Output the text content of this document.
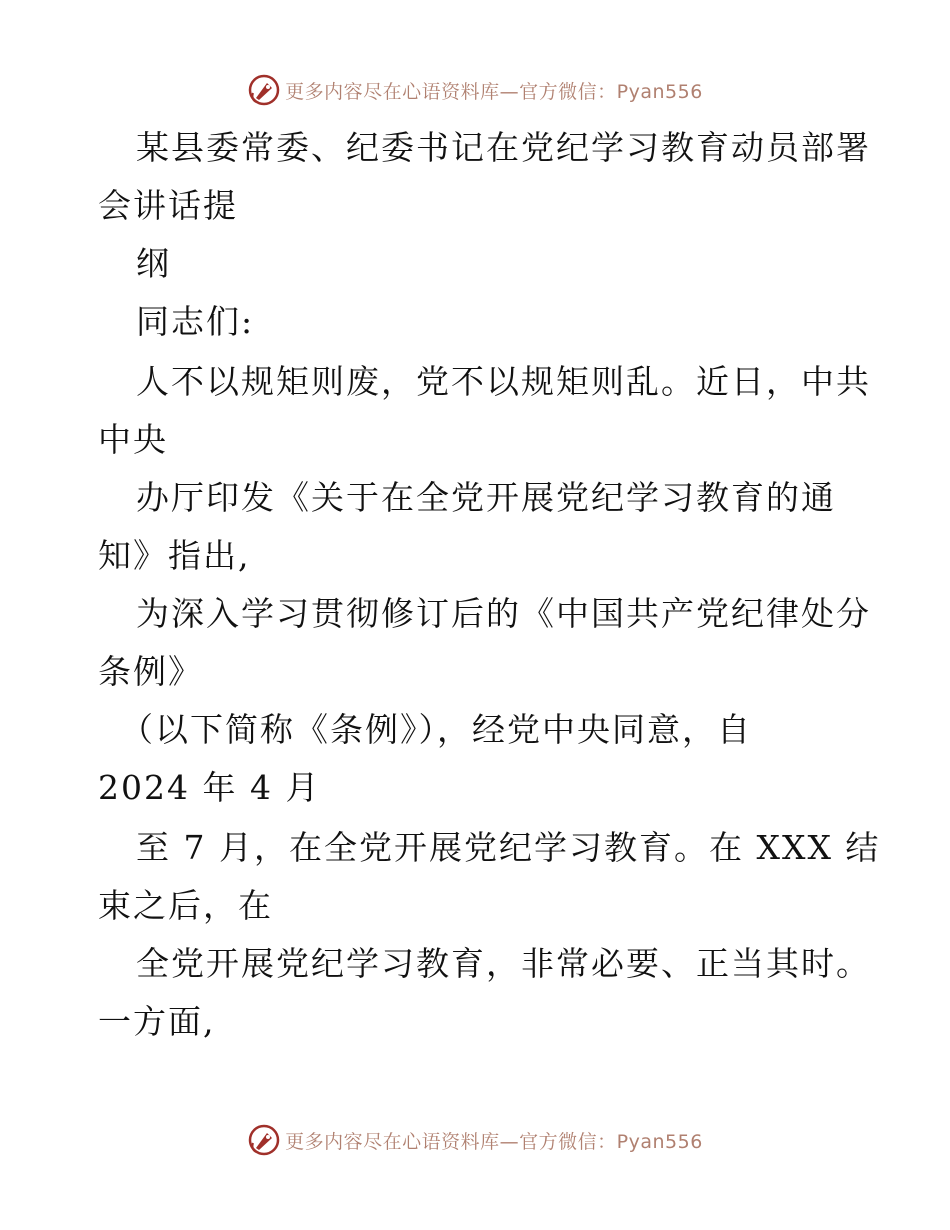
更多内容尽在心语资料库—官方微信：Pyan556
某县委常委、纪委书记在党纪学习教育动员部署
会讲话提
纲
同志们:
人不以规矩则废，党不以规矩则乱。近日，中共
中央
办厅印发《关于在全党开展党纪学习教育的通
知》指出,
为深入学习贯彻修订后的《中国共产党纪律处分
条例》
（以下简称《条例》），经党中央同意，自
2024 年 4 月
至 7 月，在全党开展党纪学习教育。在 XXX 结
束之后，在
全党开展党纪学习教育，非常必要、正当其时。
一方面,
更多内容尽在心语资料库—官方微信：Pyan556
